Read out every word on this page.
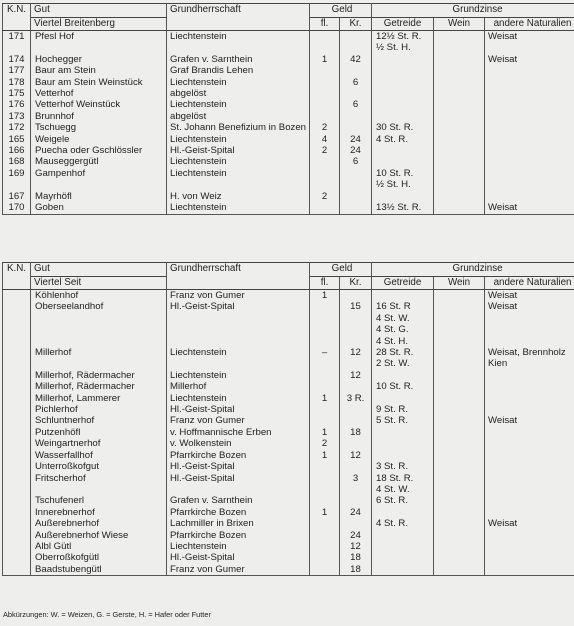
K.N.	Gut	Grundherrschaft	Geld		Grundzinse		
	Viertel Breitenberg		fl.	Kr.	Getreide	Wein	andere Naturalien
171	Pfesl Hof	Liechtenstein			12½ St. R.		Weisat
					½ St. H.		
174	Hochegger	Grafen v. Sarnthein	1	42			Weisat
177	Baur am Stein	Graf Brandis Lehen					
178	Baur am Stein Weinstück	Liechtenstein		6			
175	Vetterhof	abgelöst					
176	Vetterhof Weinstück	Liechtenstein		6			
173	Brunnhof	abgelöst					
172	Tschuegg	St. Johann Benefizium in Bozen	2		30 St. R.		
165	Weigele	Liechtenstein	4	24	4 St. R.		
166	Puecha oder Gschlössler	Hl.-Geist-Spital	2	24			
168	Mauseggergütl	Liechtenstein		6			
169	Gampenhof	Liechtenstein			10 St. R.		
					½ St. H.		
167	Mayrhöfl	H. von Weiz	2				
170	Goben	Liechtenstein			13½ St. R.		Weisat
K.N.	Gut	Grundherrschaft	Geld		Grundzinse		
	Viertel Seit		fl.	Kr.	Getreide	Wein	andere Naturalien
	Köhlenhof	Franz von Gumer	1				Weisat
	Oberseelandhof	Hl.-Geist-Spital		15	16 St. R		Weisat
					4 St. W.		
					4 St. G.		
					4 St. H.		
	Millerhof	Liechtenstein	–	12	28 St. R.		Weisat, Brennholz
					2 St. W.		Kien
	Millerhof, Rädermacher	Liechtenstein		12			
	Millerhof, Rädermacher	Millerhof			10 St. R.		
	Millerhof, Lammerer	Liechtenstein	1	3 R.			
	Pichlerhof	Hl.-Geist-Spital			9 St. R.		
	Schluntnerhof	Franz von Gumer			5 St. R.		Weisat
	Putzenhöfl	v. Hoffmannische Erben	1	18			
	Weingartnerhof	v. Wolkenstein	2				
	Wasserfallhof	Pfarrkirche Bozen	1	12			
	Unterroßkofgut	Hl.-Geist-Spital			3 St. R.		
	Fritscherhof	Hl.-Geist-Spital		3	18 St. R.		
					4 St. W.		
	Tschufenerl	Grafen v. Sarnthein			6 St. R.		
	Innerebnerhof	Pfarrkirche Bozen	1	24			
	Außerebnerhof	Lachmiller in Brixen			4 St. R.		Weisat
	Außerebnerhof Wiese	Pfarrkirche Bozen		24			
	Albl Gütl	Liechtenstein		12			
	Oberroßkofgütl	Hl.-Geist-Spital		18			
	Baadstubengütl	Franz von Gumer		18			
Abkürzungen: W. = Weizen, G. = Gerste, H. = Hafer oder Futter
